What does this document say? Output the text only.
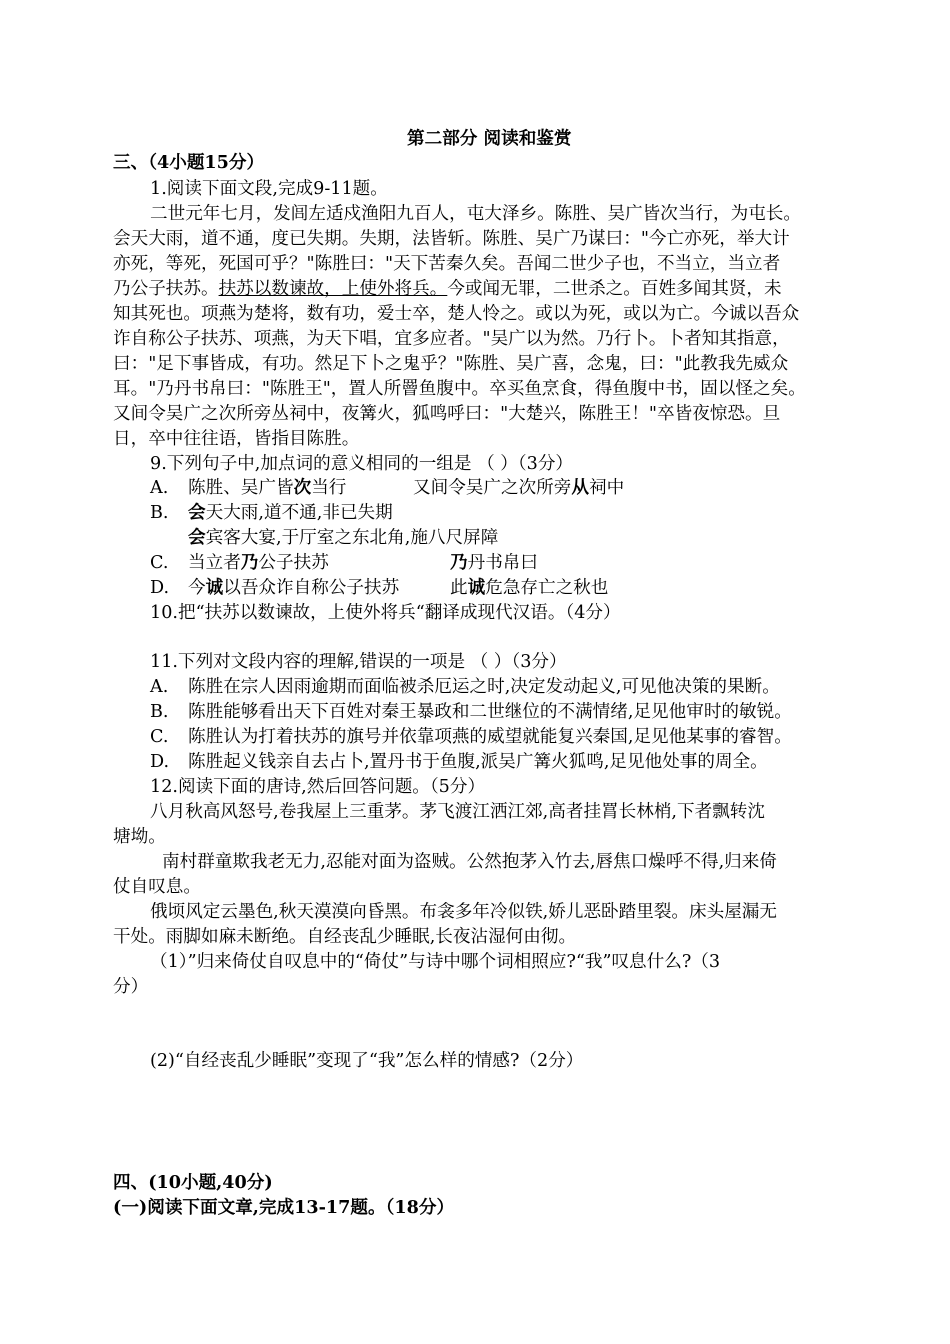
第二部分 阅读和鉴赏
三、（4小题15分）
1.阅读下面文段,完成9-11题。
二世元年七月，发闾左适戍渔阳九百人，屯大泽乡。陈胜、吴广皆次当行，为屯长。
会天大雨，道不通，度已失期。失期，法皆斩。陈胜、吴广乃谋曰："今亡亦死，举大计
亦死，等死，死国可乎？"陈胜曰："天下苦秦久矣。吾闻二世少子也，不当立，当立者
乃公子扶苏。扶苏以数谏故，上使外将兵。今或闻无罪，二世杀之。百姓多闻其贤，未
知其死也。项燕为楚将，数有功，爱士卒，楚人怜之。或以为死，或以为亡。今诚以吾众
诈自称公子扶苏、项燕，为天下唱，宜多应者。"吴广以为然。乃行卜。卜者知其指意，
曰："足下事皆成，有功。然足下卜之鬼乎？"陈胜、吴广喜，念鬼，曰："此教我先威众
耳。"乃丹书帛曰："陈胜王"，置人所罾鱼腹中。卒买鱼烹食，得鱼腹中书，固以怪之矣。
又间令吴广之次所旁丛祠中，夜篝火，狐鸣呼曰："大楚兴，陈胜王！"卒皆夜惊恐。旦
日，卒中往往语，皆指目陈胜。
9.下列句子中,加点词的意义相同的一组是 （ ）（3分）
A. 陈胜、吴广皆次当行	又间令吴广之次所旁从祠中
B. 会天大雨,道不通,非已失期
会宾客大宴,于厅室之东北角,施八尺屏障
C. 当立者乃公子扶苏	乃丹书帛曰
D. 今诚以吾众诈自称公子扶苏	此诚危急存亡之秋也
10.把“扶苏以数谏故，上使外将兵“翻译成现代汉语。（4分）
11.下列对文段内容的理解,错误的一项是 （ ）（3分）
A. 陈胜在宗人因雨逾期而面临被杀厄运之时,决定发动起义,可见他决策的果断。
B. 陈胜能够看出天下百姓对秦王暴政和二世继位的不满情绪,足见他审时的敏锐。
C. 陈胜认为打着扶苏的旗号并依靠项燕的威望就能复兴秦国,足见他某事的睿智。
D. 陈胜起义钱亲自去占卜,置丹书于鱼腹,派吴广篝火狐鸣,足见他处事的周全。
12.阅读下面的唐诗,然后回答问题。（5分）
八月秋高风怒号,卷我屋上三重茅。茅飞渡江洒江郊,高者挂罥长林梢,下者飘转沈
塘坳。
南村群童欺我老无力,忍能对面为盗贼。公然抱茅入竹去,唇焦口燥呼不得,归来倚
仗自叹息。
俄顷风定云墨色,秋天漠漠向昏黑。布衾多年冷似铁,娇儿恶卧踏里裂。床头屋漏无
干处。雨脚如麻未断绝。自经丧乱少睡眠,长夜沾湿何由彻。
（1）”归来倚仗自叹息中的“倚仗”与诗中哪个词相照应?“我”叹息什么?（3
分）
(2)“自经丧乱少睡眠”变现了“我”怎么样的情感?（2分）
四、(10小题,40分)
(一)阅读下面文章,完成13-17题。（18分）
